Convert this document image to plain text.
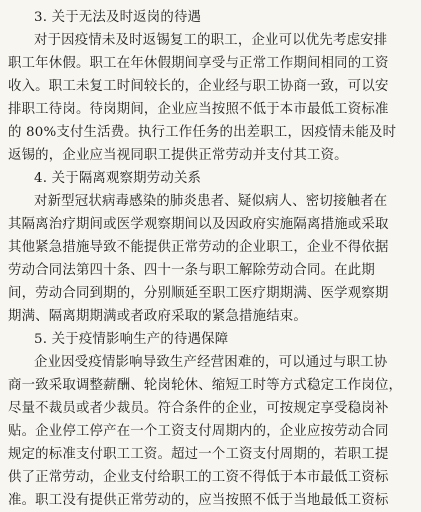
3. 关于无法及时返岗的待遇
对于因疫情未及时返锡复工的职工，企业可以优先考虑安排
职工年休假。职工在年休假期间享受与正常工作期间相同的工资
收入。职工未复工时间较长的，企业经与职工协商一致，可以安
排职工待岗。待岗期间，企业应当按照不低于本市最低工资标准
的 80%支付生活费。执行工作任务的出差职工，因疫情未能及时
返锡的，企业应当视同职工提供正常劳动并支付其工资。
4. 关于隔离观察期劳动关系
对新型冠状病毒感染的肺炎患者、疑似病人、密切接触者在
其隔离治疗期间或医学观察期间以及因政府实施隔离措施或采取
其他紧急措施导致不能提供正常劳动的企业职工，企业不得依据
劳动合同法第四十条、四十一条与职工解除劳动合同。在此期
间，劳动合同到期的，分别顺延至职工医疗期期满、医学观察期
期满、隔离期期满或者政府采取的紧急措施结束。
5. 关于疫情影响生产的待遇保障
企业因受疫情影响导致生产经营困难的，可以通过与职工协
商一致采取调整薪酬、轮岗轮休、缩短工时等方式稳定工作岗位，
尽量不裁员或者少裁员。符合条件的企业，可按规定享受稳岗补
贴。企业停工停产在一个工资支付周期内的，企业应按劳动合同
规定的标准支付职工工资。超过一个工资支付周期的，若职工提
供了正常劳动，企业支付给职工的工资不得低于本市最低工资标
准。职工没有提供正常劳动的，应当按照不低于当地最低工资标
